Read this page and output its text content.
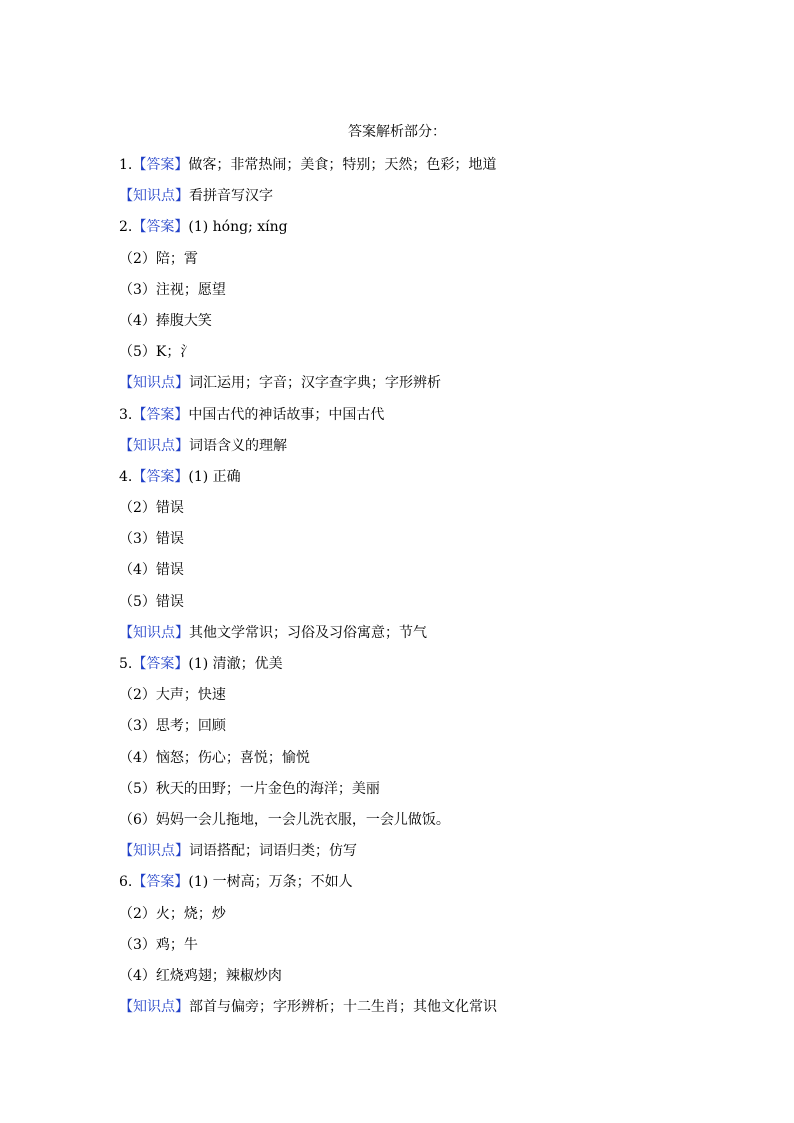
答案解析部分：
1.【答案】做客；非常热闹；美食；特别；天然；色彩；地道
【知识点】看拼音写汉字
2.【答案】(1) hóng; xíng
（2）陪；霄
（3）注视；愿望
（4）捧腹大笑
（5）K；氵
【知识点】词汇运用；字音；汉字查字典；字形辨析
3.【答案】中国古代的神话故事；中国古代
【知识点】词语含义的理解
4.【答案】(1) 正确
（2）错误
（3）错误
（4）错误
（5）错误
【知识点】其他文学常识；习俗及习俗寓意；节气
5.【答案】(1) 清澈；优美
（2）大声；快速
（3）思考；回顾
（4）恼怒；伤心；喜悦；愉悦
（5）秋天的田野；一片金色的海洋；美丽
（6）妈妈一会儿拖地，一会儿洗衣服，一会儿做饭。
【知识点】词语搭配；词语归类；仿写
6.【答案】(1) 一树高；万条；不如人
（2）火；烧；炒
（3）鸡；牛
（4）红烧鸡翅；辣椒炒肉
【知识点】部首与偏旁；字形辨析；十二生肖；其他文化常识
